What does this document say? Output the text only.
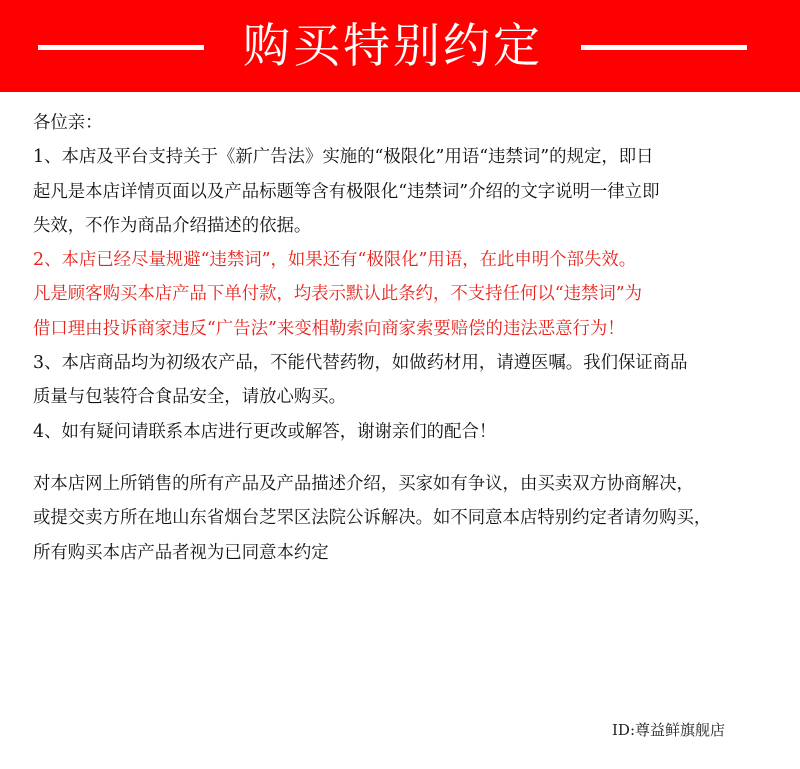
购买特别约定
各位亲：
1、本店及平台支持关于《新广告法》实施的“极限化”用语“违禁词”的规定，即日
起凡是本店详情页面以及产品标题等含有极限化“违禁词”介绍的文字说明一律立即
失效，不作为商品介绍描述的依据。
2、本店已经尽量规避“违禁词”，如果还有“极限化”用语，在此申明个部失效。
凡是顾客购买本店产品下单付款，均表示默认此条约，不支持任何以“违禁词”为
借口理由投诉商家违反“广告法”来变相勒索向商家索要赔偿的违法恶意行为！
3、本店商品均为初级农产品，不能代替药物，如做药材用，请遵医嘱。我们保证商品
质量与包装符合食品安全，请放心购买。
4、如有疑问请联系本店进行更改或解答，谢谢亲们的配合！
对本店网上所销售的所有产品及产品描述介绍，买家如有争议，由买卖双方协商解决，
或提交卖方所在地山东省烟台芝罘区法院公诉解决。如不同意本店特别约定者请勿购买，
所有购买本店产品者视为已同意本约定
ID:尊益鲜旗舰店
